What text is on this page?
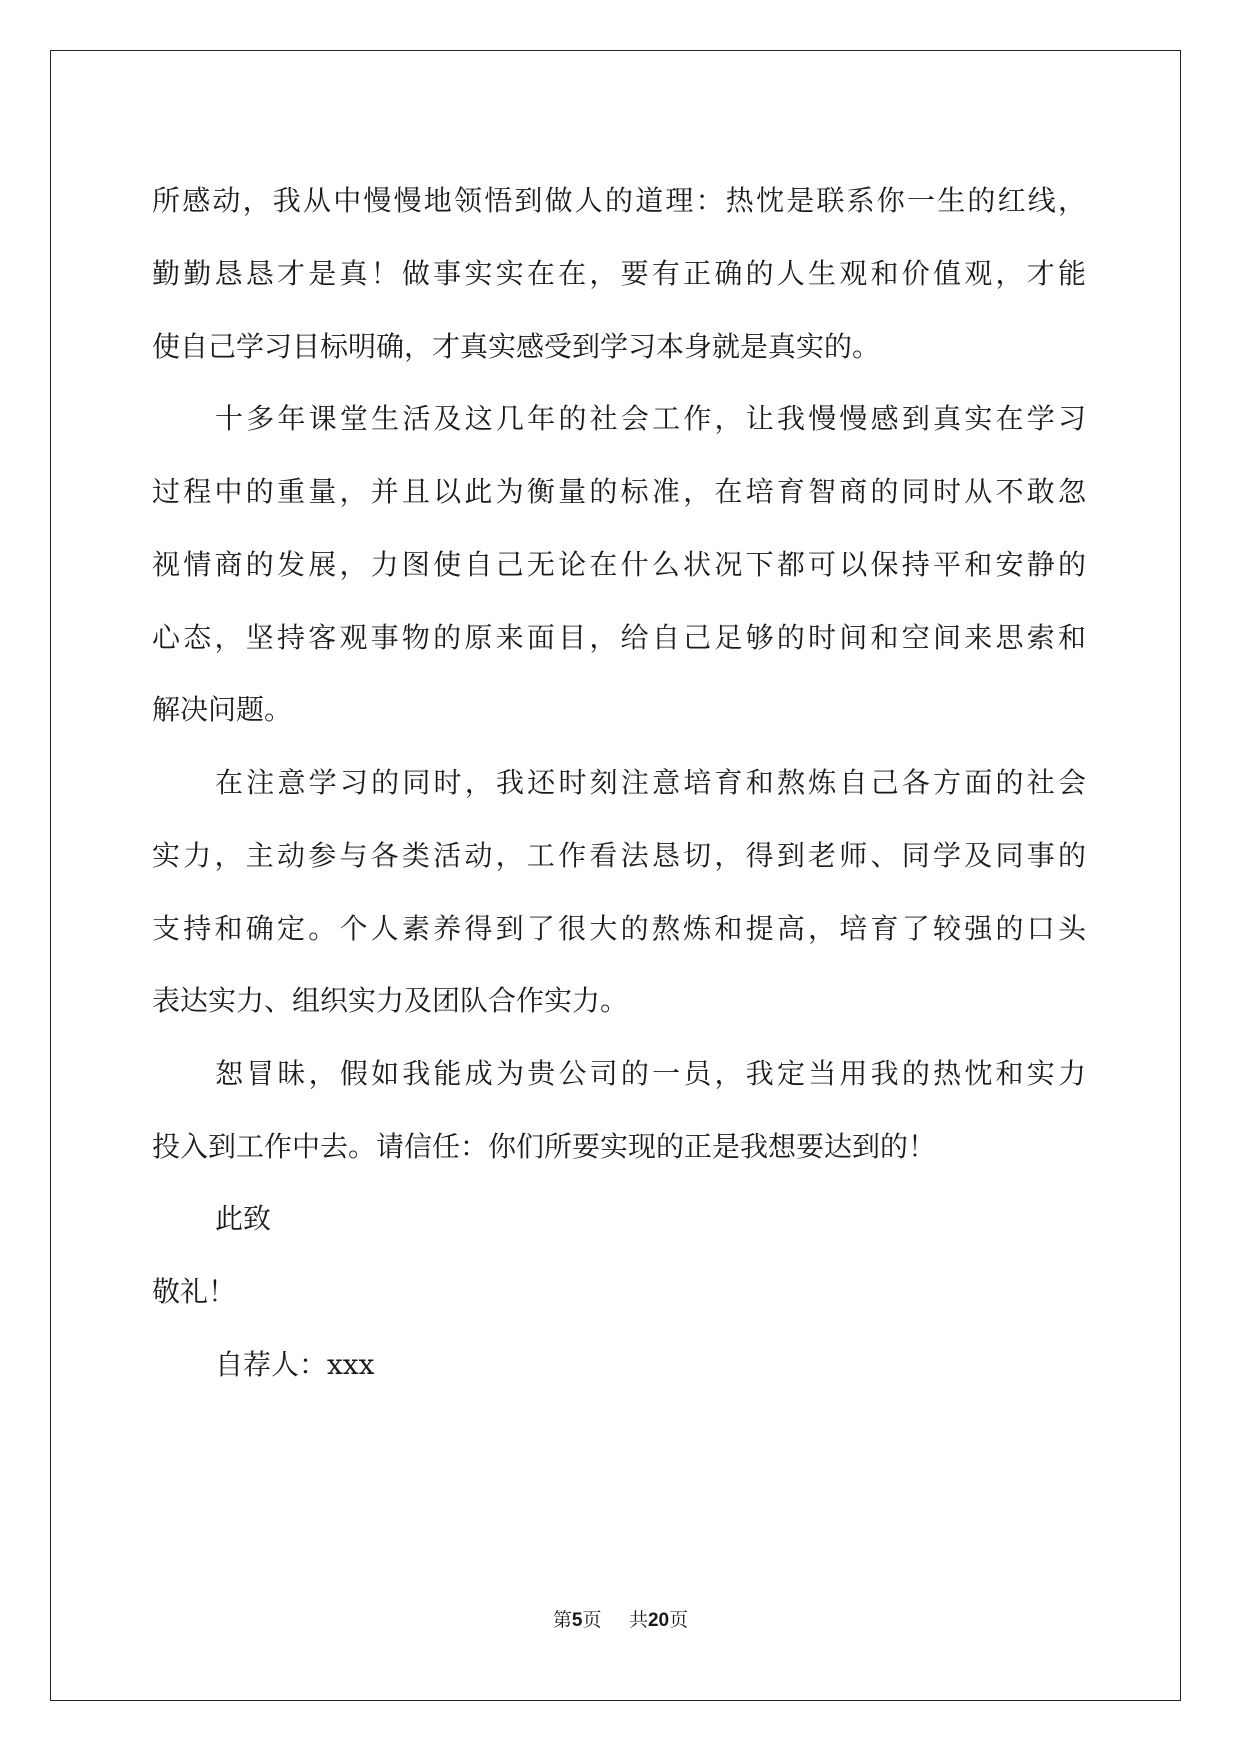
所感动，我从中慢慢地领悟到做人的道理：热忱是联系你一生的红线，
勤勤恳恳才是真！做事实实在在，要有正确的人生观和价值观，才能
使自己学习目标明确，才真实感受到学习本身就是真实的。
十多年课堂生活及这几年的社会工作，让我慢慢感到真实在学习
过程中的重量，并且以此为衡量的标准，在培育智商的同时从不敢忽
视情商的发展，力图使自己无论在什么状况下都可以保持平和安静的
心态，坚持客观事物的原来面目，给自己足够的时间和空间来思索和
解决问题。
在注意学习的同时，我还时刻注意培育和熬炼自己各方面的社会
实力，主动参与各类活动，工作看法恳切，得到老师、同学及同事的
支持和确定。个人素养得到了很大的熬炼和提高，培育了较强的口头
表达实力、组织实力及团队合作实力。
恕冒昧，假如我能成为贵公司的一员，我定当用我的热忱和实力
投入到工作中去。请信任：你们所要实现的正是我想要达到的！
此致
敬礼！
自荐人：xxx
第5页 共20页
